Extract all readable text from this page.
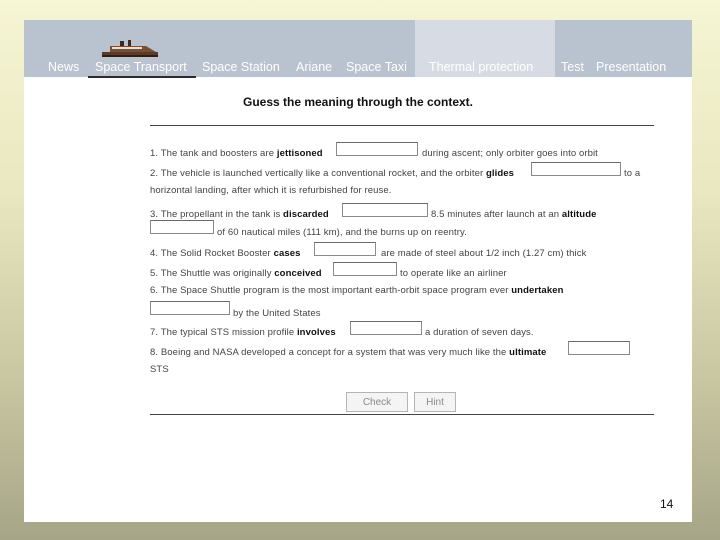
News Space Transport Space Station Ariane Space Taxi Thermal protection Test Presentation
Guess the meaning through the context.
1. The tank and boosters are jettisoned	during ascent; only orbiter goes into orbit
2. The vehicle is launched vertically like a conventional rocket, and the orbiter glides	to a
horizontal landing, after which it is refurbished for reuse.
3. The propellant in the tank is discarded	8.5 minutes after launch at an altitude
of 60 nautical miles (111 km), and the burns up on reentry.
4. The Solid Rocket Booster cases	are made of steel about 1/2 inch (1.27 cm) thick
5. The Shuttle was originally conceived	to operate like an airliner
6. The Space Shuttle program is the most important earth-orbit space program ever undertaken
by the United States
7. The typical STS mission profile involves	a duration of seven days.
8. Boeing and NASA developed a concept for a system that was very much like the ultimate
STS
Check	Hint
14
